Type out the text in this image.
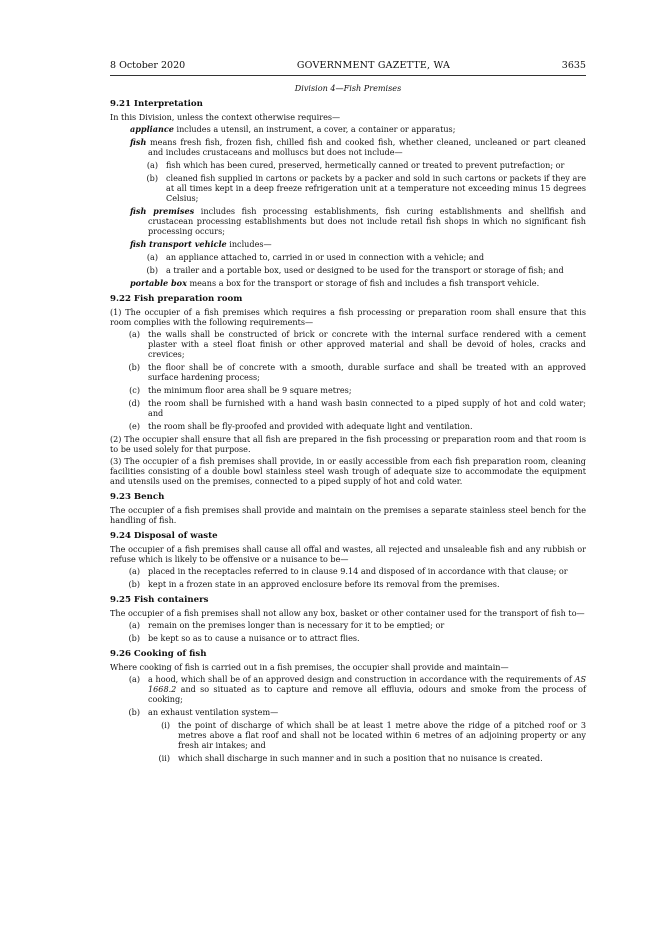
8 October 2020	GOVERNMENT GAZETTE, WA	3635
Division 4—Fish Premises
9.21 Interpretation

In this Division, unless the context otherwise requires—

appliance includes a utensil, an instrument, a cover, a container or apparatus;
fish means fresh fish, frozen fish, chilled fish and cooked fish, whether cleaned, uncleaned or part cleaned and includes crustaceans and molluscs but does not include—
(a) fish which has been cured, preserved, hermetically canned or treated to prevent putrefaction; or
(b) cleaned fish supplied in cartons or packets by a packer and sold in such cartons or packets if they are at all times kept in a deep freeze refrigeration unit at a temperature not exceeding minus 15 degrees Celsius;
fish premises includes fish processing establishments, fish curing establishments and shellfish and crustacean processing establishments but does not include retail fish shops in which no significant fish processing occurs;
fish transport vehicle includes—
(a) an appliance attached to, carried in or used in connection with a vehicle; and
(b) a trailer and a portable box, used or designed to be used for the transport or storage of fish; and
portable box means a box for the transport or storage of fish and includes a fish transport vehicle.
9.22 Fish preparation room

(1) The occupier of a fish premises which requires a fish processing or preparation room shall ensure that this room complies with the following requirements—

(a) the walls shall be constructed of brick or concrete with the internal surface rendered with a cement plaster with a steel float finish or other approved material and shall be devoid of holes, cracks and crevices;
(b) the floor shall be of concrete with a smooth, durable surface and shall be treated with an approved surface hardening process;
(c) the minimum floor area shall be 9 square metres;
(d) the room shall be furnished with a hand wash basin connected to a piped supply of hot and cold water; and
(e) the room shall be fly-proofed and provided with adequate light and ventilation.

(2) The occupier shall ensure that all fish are prepared in the fish processing or preparation room and that room is to be used solely for that purpose.

(3) The occupier of a fish premises shall provide, in or easily accessible from each fish preparation room, cleaning facilities consisting of a double bowl stainless steel wash trough of adequate size to accommodate the equipment and utensils used on the premises, connected to a piped supply of hot and cold water.

9.23 Bench

The occupier of a fish premises shall provide and maintain on the premises a separate stainless steel bench for the handling of fish.

9.24 Disposal of waste

The occupier of a fish premises shall cause all offal and wastes, all rejected and unsaleable fish and any rubbish or refuse which is likely to be offensive or a nuisance to be—

(a) placed in the receptacles referred to in clause 9.14 and disposed of in accordance with that clause; or
(b) kept in a frozen state in an approved enclosure before its removal from the premises.
9.25 Fish containers

The occupier of a fish premises shall not allow any box, basket or other container used for the transport of fish to—

(a) remain on the premises longer than is necessary for it to be emptied; or
(b) be kept so as to cause a nuisance or to attract flies.
9.26 Cooking of fish

Where cooking of fish is carried out in a fish premises, the occupier shall provide and maintain—

(a) a hood, which shall be of an approved design and construction in accordance with the requirements of AS 1668.2 and so situated as to capture and remove all effluvia, odours and smoke from the process of cooking;
(b) an exhaust ventilation system—
(i) the point of discharge of which shall be at least 1 metre above the ridge of a pitched roof or 3 metres above a flat roof and shall not be located within 6 metres of an adjoining property or any fresh air intakes; and
(ii) which shall discharge in such manner and in such a position that no nuisance is created.
